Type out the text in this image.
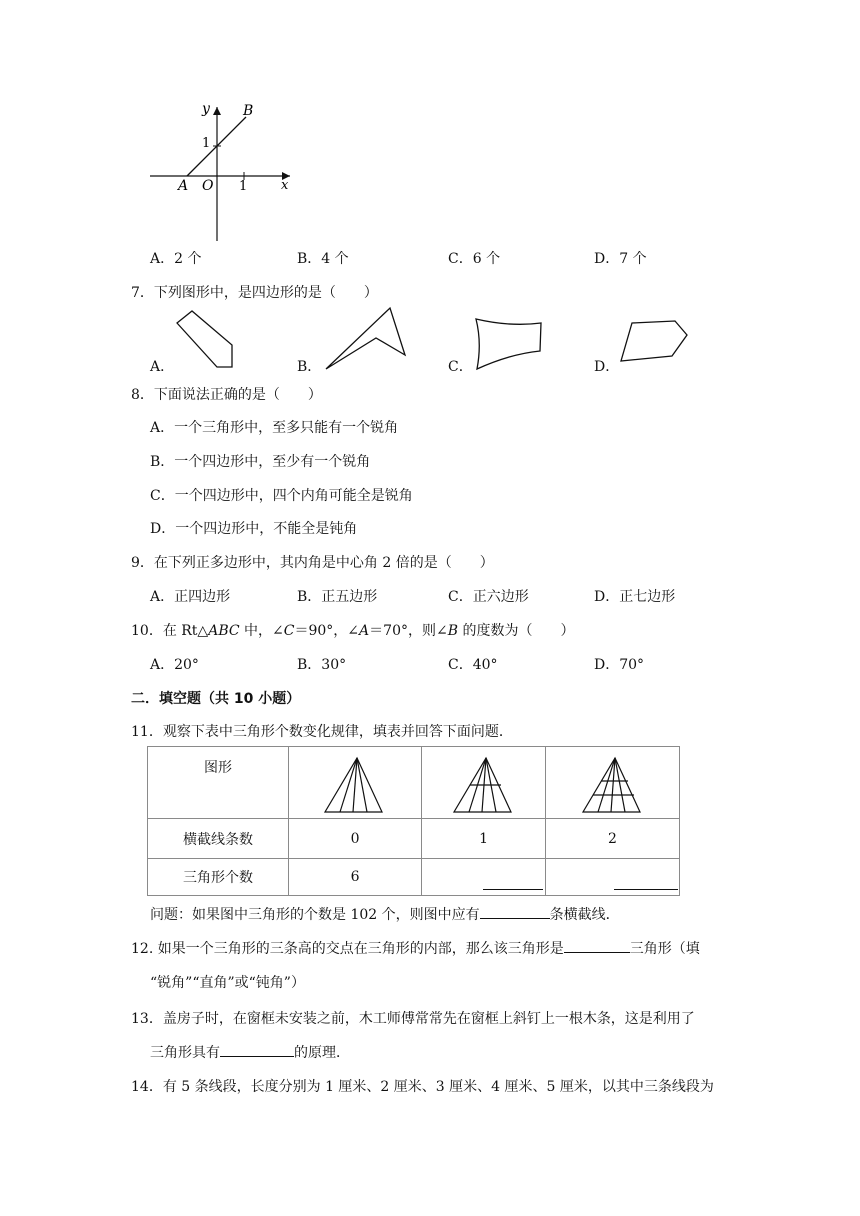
y B
1
A O 1	x
A．2 个	B．4 个	C．6 个	D．7 个
7．下列图形中，是四边形的是（　　）
A．	B．	C．	D．
8．下面说法正确的是（　　）
A．一个三角形中，至多只能有一个锐角
B．一个四边形中，至少有一个锐角
C．一个四边形中，四个内角可能全是锐角
D．一个四边形中，不能全是钝角
9．在下列正多边形中，其内角是中心角 2 倍的是（　　）
A．正四边形	B．正五边形	C．正六边形	D．正七边形
10．在 Rt△ABC 中，∠C＝90°，∠A＝70°，则∠B 的度数为（　　）
A．20°	B．30°	C．40°	D．70°
二．填空题（共 10 小题）
11．观察下表中三角形个数变化规律，填表并回答下面问题．
图形	

横截线条数	0	1	2
三角形个数	6		
问题：如果图中三角形的个数是 102 个，则图中应有	条横截线．
12. 如果一个三角形的三条高的交点在三角形的内部，那么该三角形是	三角形（填
“锐角”“直角”或“钝角”）
13．盖房子时，在窗框未安装之前，木工师傅常常先在窗框上斜钉上一根木条，这是利用了
三角形具有	的原理．
14．有 5 条线段，长度分别为 1 厘米、2 厘米、3 厘米、4 厘米、5 厘米，以其中三条线段为
